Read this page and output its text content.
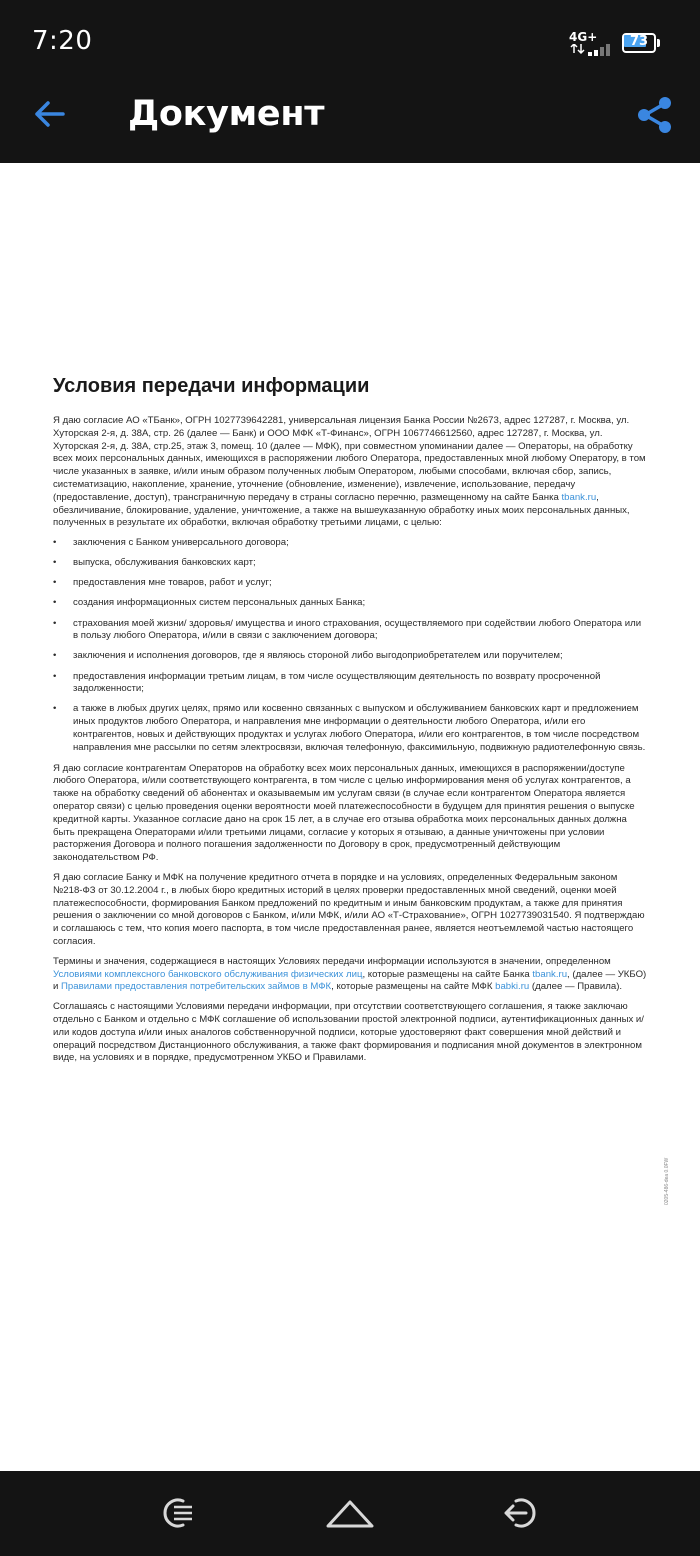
7:20	4G+	73
Документ
Условия передачи информации

Я даю согласие АО «ТБанк», ОГРН 1027739642281, универсальная лицензия Банка России №2673, адрес 127287, г. Москва, ул. Хуторская 2-я, д. 38А, стр. 26 (далее — Банк) и ООО МФК «Т-Финанс», ОГРН 1067746612560, адрес 127287, г. Москва, ул. Хуторская 2-я, д. 38А, стр.25, этаж 3, помещ. 10 (далее — МФК), при совместном упоминании далее — Операторы, на обработку всех моих персональных данных, имеющихся в распоряжении любого Оператора, предоставленных мной любому Оператору, в том числе указанных в заявке, и/или иным образом полученных любым Оператором, любыми способами, включая сбор, запись, систематизацию, накопление, хранение, уточнение (обновление, изменение), извлечение, использование, передачу (предоставление, доступ), трансграничную передачу в страны согласно перечню, размещенному на сайте Банка tbank.ru, обезличивание, блокирование, удаление, уничтожение, а также на вышеуказанную обработку иных моих персональных данных, полученных в результате их обработки, включая обработку третьими лицами, с целью:

• заключения с Банком универсального договора;
• выпуска, обслуживания банковских карт;
• предоставления мне товаров, работ и услуг;
• создания информационных систем персональных данных Банка;
• страхования моей жизни/ здоровья/ имущества и иного страхования, осуществляемого при содействии любого Оператора или в пользу любого Оператора, и/или в связи с заключением договора;
• заключения и исполнения договоров, где я являюсь стороной либо выгодоприобретателем или поручителем;
• предоставления информации третьим лицам, в том числе осуществляющим деятельность по возврату просроченной задолженности;
• а также в любых других целях, прямо или косвенно связанных с выпуском и обслуживанием банковских карт и предложением иных продуктов любого Оператора, и направления мне информации о деятельности любого Оператора, и/или его контрагентов, новых и действующих продуктах и услугах любого Оператора, и/или его контрагентов, в том числе посредством направления мне рассылки по сетям электросвязи, включая телефонную, факсимильную, подвижную радиотелефонную связь.

Я даю согласие контрагентам Операторов на обработку всех моих персональных данных, имеющихся в распоряжении/доступе любого Оператора, и/или соответствующего контрагента, в том числе с целью информирования меня об услугах контрагентов, а также на обработку сведений об абонентах и оказываемым им услугам связи (в случае если контрагентом Оператора является оператор связи) с целью проведения оценки вероятности моей платежеспособности в будущем для принятия решения о выпуске кредитной карты. Указанное согласие дано на срок 15 лет, а в случае его отзыва обработка моих персональных данных должна быть прекращена Операторами и/или третьими лицами, согласие у которых я отзываю, а данные уничтожены при условии расторжения Договора и полного погашения задолженности по Договору в срок, предусмотренный действующим законодательством РФ.

Я даю согласие Банку и МФК на получение кредитного отчета в порядке и на условиях, определенных Федеральным законом №218-ФЗ от 30.12.2004 г., в любых бюро кредитных историй в целях проверки предоставленных мной сведений, оценки моей платежеспособности, формирования Банком предложений по кредитным и иным банковским продуктам, а также для принятия решения о заключении со мной договоров с Банком, и/или МФК, и/или АО «Т-Страхование», ОГРН 1027739031540. Я подтверждаю и соглашаюсь с тем, что копия моего паспорта, в том числе предоставленная ранее, является неотъемлемой частью настоящего согласия.

Термины и значения, содержащиеся в настоящих Условиях передачи информации используются в значении, определенном Условиями комплексного банковского обслуживания физических лиц, которые размещены на сайте Банка tbank.ru, (далее — УКБО) и Правилами предоставления потребительских займов в МФК, которые размещены на сайте МФК babki.ru (далее — Правила).

Соглашаясь с настоящими Условиями передачи информации, при отсутствии соответствующего соглашения, я также заключаю отдельно с Банком и отдельно с МФК соглашение об использовании простой электронной подписи, аутентификационных данных и/или кодов доступа и/или иных аналогов собственноручной подписи, которые удостоверяют факт совершения мной действий и операций посредством Дистанционного обслуживания, а также факт формирования и подписания мной документов в электронном виде, на условиях и в порядке, предусмотренном УКБО и Правилами.

0205-486-dea 0.0FW
